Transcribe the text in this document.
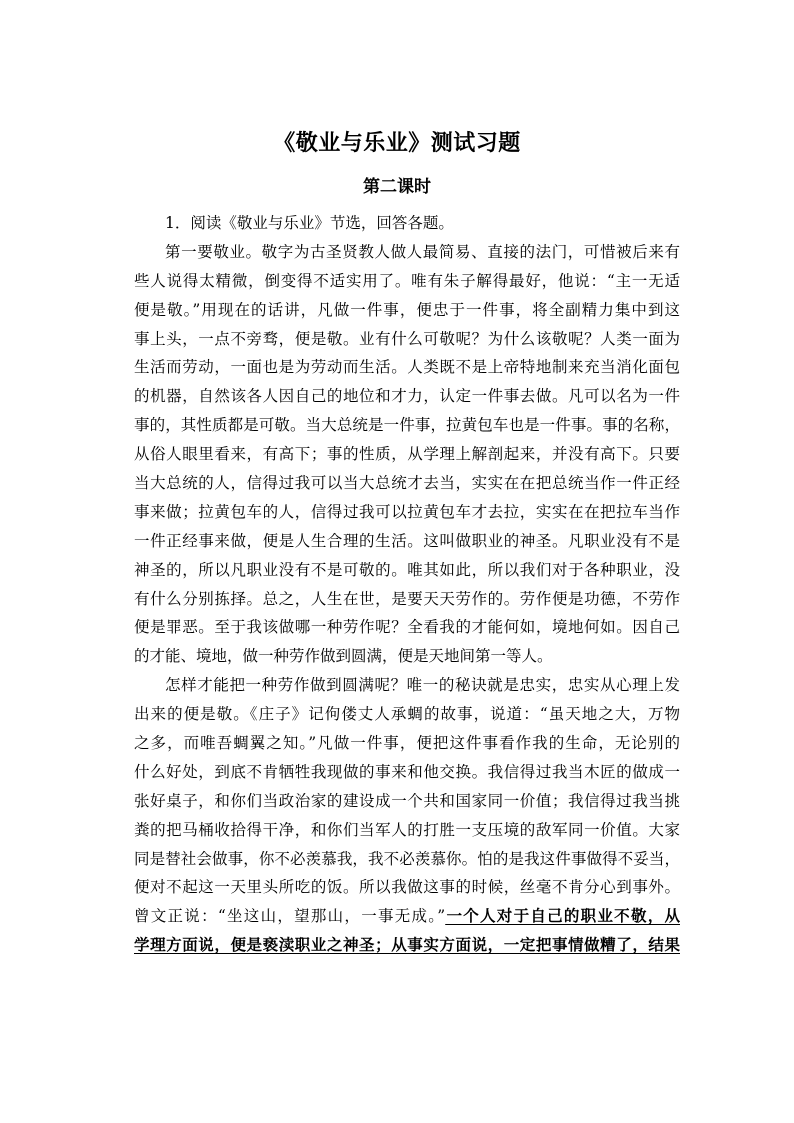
《敬业与乐业》测试习题
第二课时
1．阅读《敬业与乐业》节选，回答各题。
第一要敬业。敬字为古圣贤教人做人最简易、直接的法门，可惜被后来有
些人说得太精微，倒变得不适实用了。唯有朱子解得最好，他说：“主一无适
便是敬。”用现在的话讲，凡做一件事，便忠于一件事，将全副精力集中到这
事上头，一点不旁骛，便是敬。业有什么可敬呢？为什么该敬呢？人类一面为
生活而劳动，一面也是为劳动而生活。人类既不是上帝特地制来充当消化面包
的机器，自然该各人因自己的地位和才力，认定一件事去做。凡可以名为一件
事的，其性质都是可敬。当大总统是一件事，拉黄包车也是一件事。事的名称，
从俗人眼里看来，有高下；事的性质，从学理上解剖起来，并没有高下。只要
当大总统的人，信得过我可以当大总统才去当，实实在在把总统当作一件正经
事来做；拉黄包车的人，信得过我可以拉黄包车才去拉，实实在在把拉车当作
一件正经事来做，便是人生合理的生活。这叫做职业的神圣。凡职业没有不是
神圣的，所以凡职业没有不是可敬的。唯其如此，所以我们对于各种职业，没
有什么分别拣择。总之，人生在世，是要天天劳作的。劳作便是功德，不劳作
便是罪恶。至于我该做哪一种劳作呢？全看我的才能何如，境地何如。因自己
的才能、境地，做一种劳作做到圆满，便是天地间第一等人。
怎样才能把一种劳作做到圆满呢？唯一的秘诀就是忠实，忠实从心理上发
出来的便是敬。《庄子》记佝偻丈人承蜩的故事，说道：“虽天地之大，万物
之多，而唯吾蜩翼之知。”凡做一件事，便把这件事看作我的生命，无论别的
什么好处，到底不肯牺牲我现做的事来和他交换。我信得过我当木匠的做成一
张好桌子，和你们当政治家的建设成一个共和国家同一价值；我信得过我当挑
粪的把马桶收拾得干净，和你们当军人的打胜一支压境的敌军同一价值。大家
同是替社会做事，你不必羡慕我，我不必羡慕你。怕的是我这件事做得不妥当，
便对不起这一天里头所吃的饭。所以我做这事的时候，丝毫不肯分心到事外。
曾文正说：“坐这山，望那山，一事无成。”一个人对于自己的职业不敬，从
学理方面说，便是亵渎职业之神圣；从事实方面说，一定把事情做糟了，结果
